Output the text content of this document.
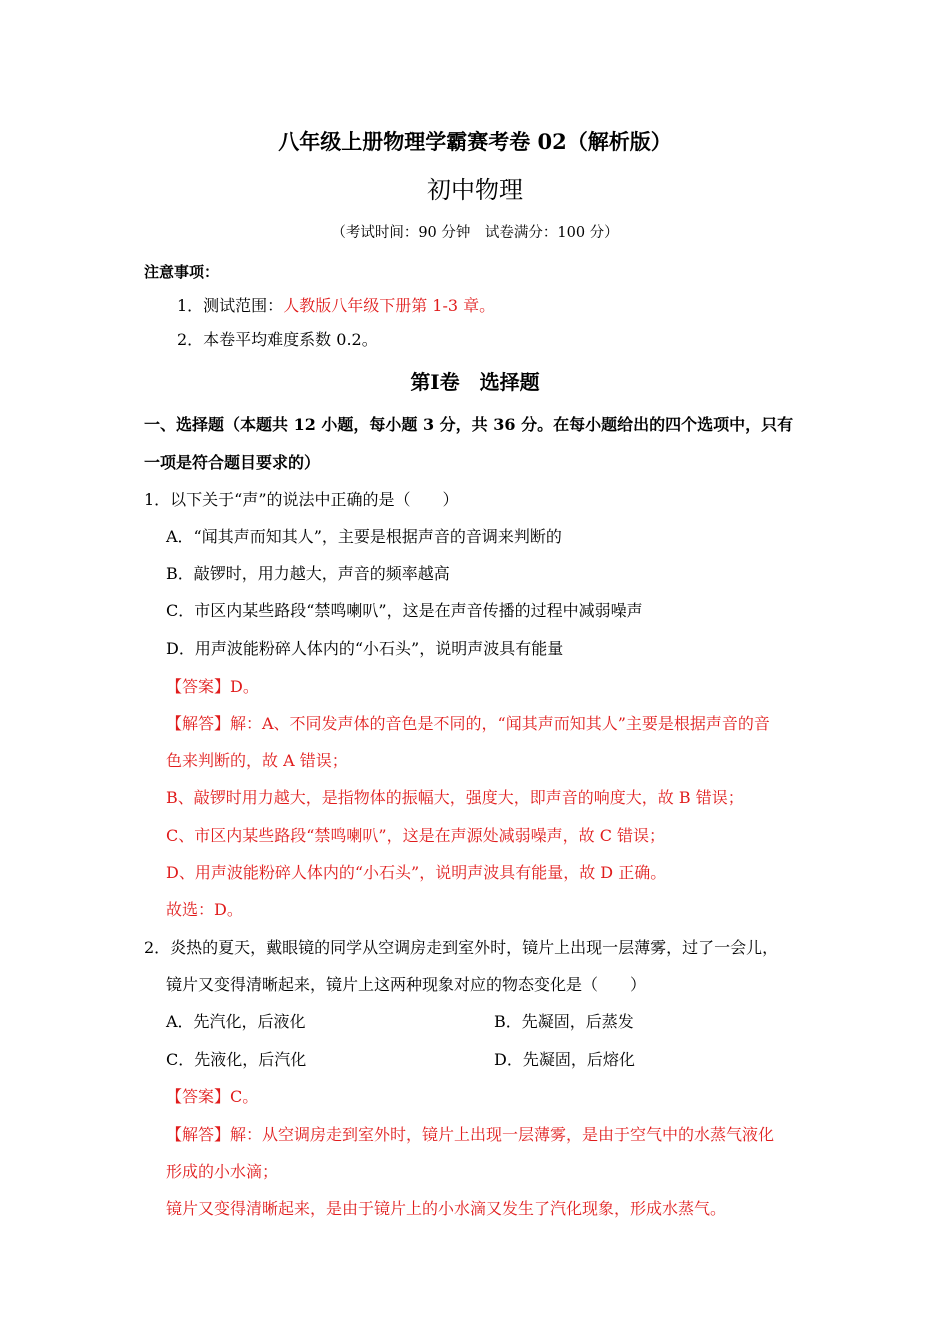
八年级上册物理学霸赛考卷 02（解析版）
初中物理
（考试时间：90 分钟　试卷满分：100 分）
注意事项：
1．测试范围：人教版八年级下册第 1-3 章。
2．本卷平均难度系数 0.2。
第Ⅰ卷　选择题
一、选择题（本题共 12 小题，每小题 3 分，共 36 分。在每小题给出的四个选项中，只有
一项是符合题目要求的）
1．以下关于“声”的说法中正确的是（　　）
A．“闻其声而知其人”，主要是根据声音的音调来判断的
B．敲锣时，用力越大，声音的频率越高
C．市区内某些路段“禁鸣喇叭”，这是在声音传播的过程中减弱噪声
D．用声波能粉碎人体内的“小石头”，说明声波具有能量
【答案】D。
【解答】解：A、不同发声体的音色是不同的，“闻其声而知其人”主要是根据声音的音
色来判断的，故 A 错误；
B、敲锣时用力越大，是指物体的振幅大，强度大，即声音的响度大，故 B 错误；
C、市区内某些路段“禁鸣喇叭”，这是在声源处减弱噪声，故 C 错误；
D、用声波能粉碎人体内的“小石头”，说明声波具有能量，故 D 正确。
故选：D。
2．炎热的夏天，戴眼镜的同学从空调房走到室外时，镜片上出现一层薄雾，过了一会儿，
镜片又变得清晰起来，镜片上这两种现象对应的物态变化是（　　）
A．先汽化，后液化	B．先凝固，后蒸发
C．先液化，后汽化	D．先凝固，后熔化
【答案】C。
【解答】解：从空调房走到室外时，镜片上出现一层薄雾，是由于空气中的水蒸气液化
形成的小水滴；
镜片又变得清晰起来，是由于镜片上的小水滴又发生了汽化现象，形成水蒸气。
